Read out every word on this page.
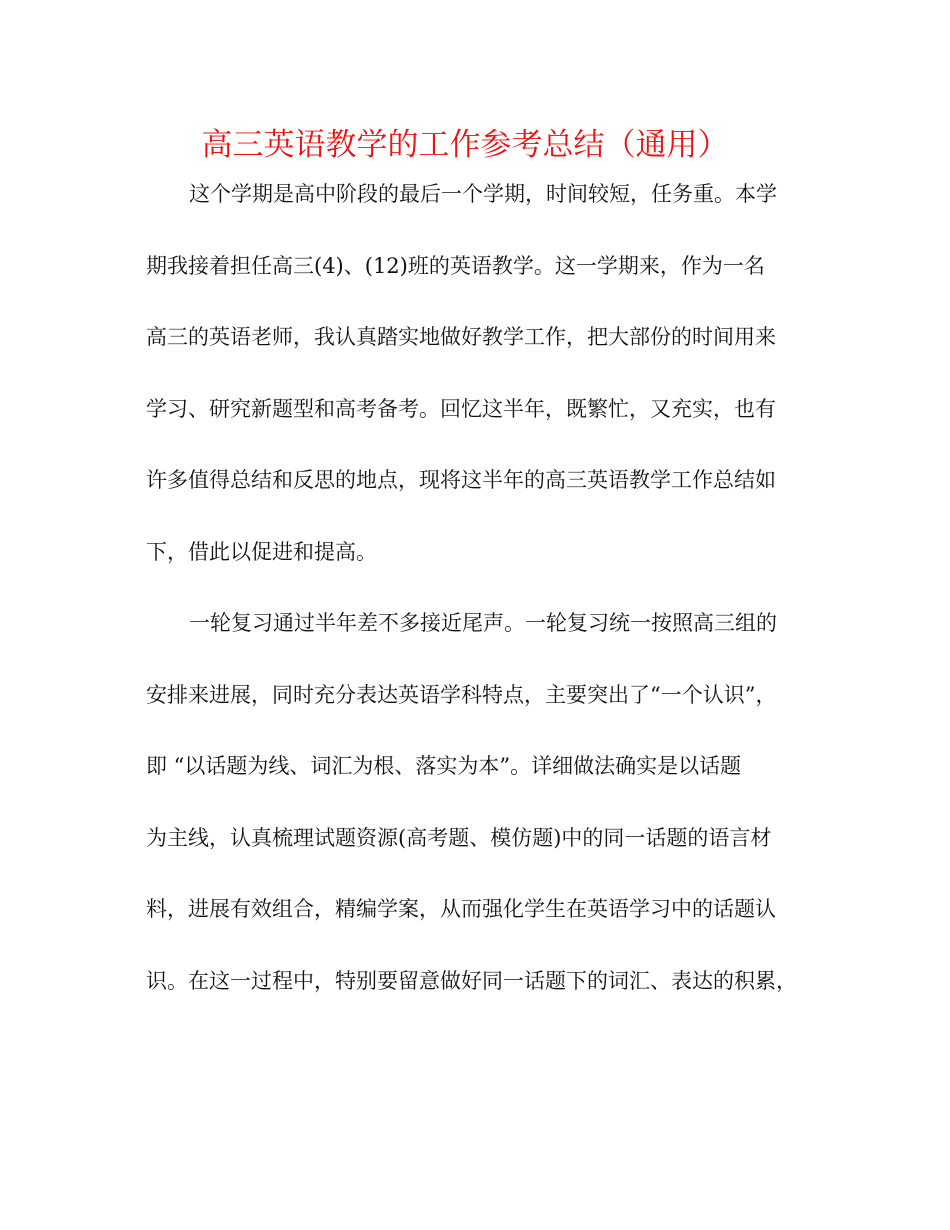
高三英语教学的工作参考总结（通用）
这个学期是高中阶段的最后一个学期，时间较短，任务重。本学
期我接着担任高三(4)、(12)班的英语教学。这一学期来，作为一名
高三的英语老师，我认真踏实地做好教学工作，把大部份的时间用来
学习、研究新题型和高考备考。回忆这半年，既繁忙，又充实，也有
许多值得总结和反思的地点，现将这半年的高三英语教学工作总结如
下，借此以促进和提高。
一轮复习通过半年差不多接近尾声。一轮复习统一按照高三组的
安排来进展，同时充分表达英语学科特点，主要突出了“一个认识”，
即 “以话题为线、词汇为根、落实为本”。详细做法确实是以话题
为主线，认真梳理试题资源(高考题、模仿题)中的同一话题的语言材
料，进展有效组合，精编学案，从而强化学生在英语学习中的话题认
识。在这一过程中，特别要留意做好同一话题下的词汇、表达的积累，
